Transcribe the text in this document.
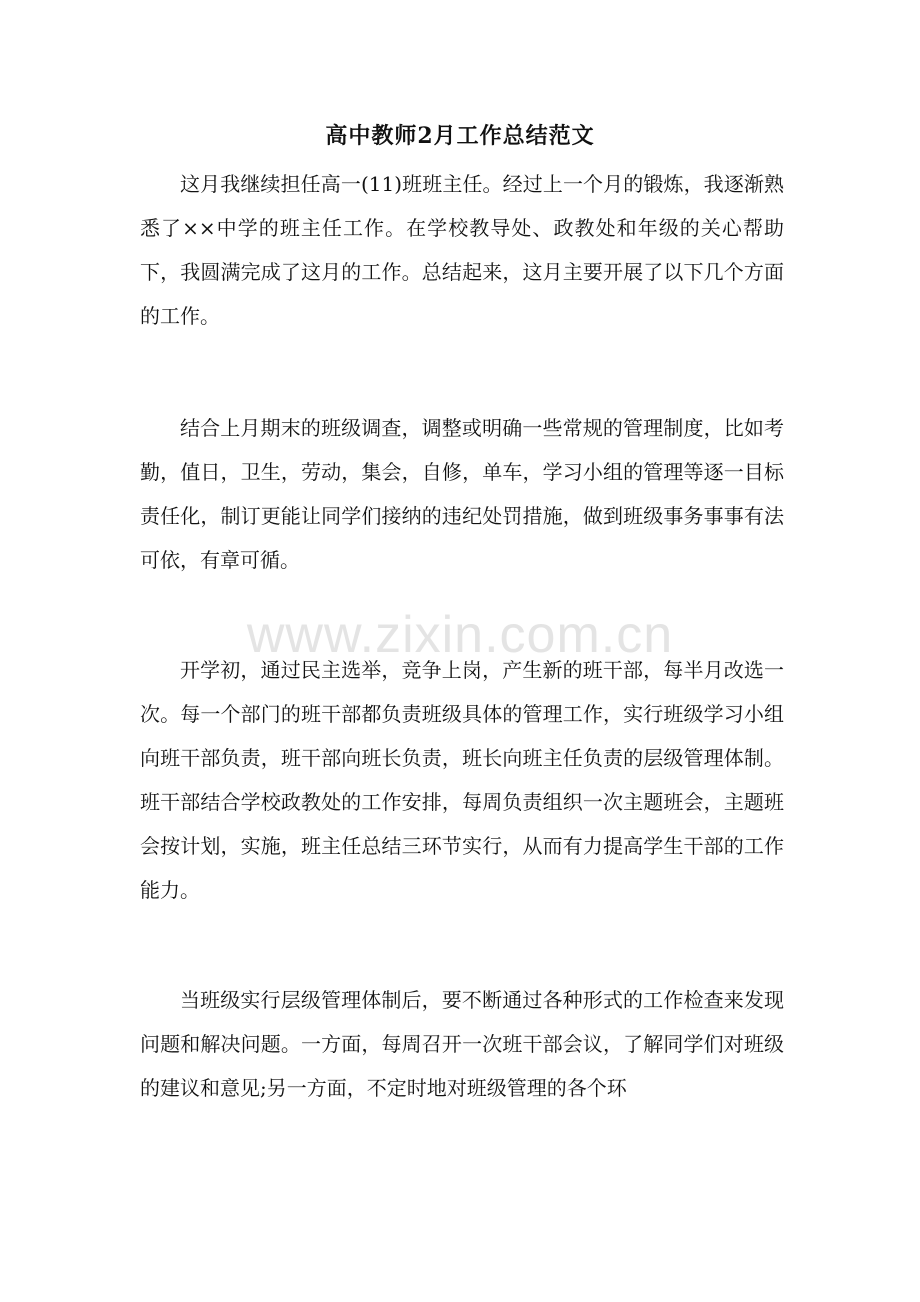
高中教师2月工作总结范文

这月我继续担任高一(11)班班主任。经过上一个月的锻炼，我逐渐熟悉了××中学的班主任工作。在学校教导处、政教处和年级的关心帮助下，我圆满完成了这月的工作。总结起来，这月主要开展了以下几个方面的工作。

结合上月期末的班级调查，调整或明确一些常规的管理制度，比如考勤，值日，卫生，劳动，集会，自修，单车，学习小组的管理等逐一目标责任化，制订更能让同学们接纳的违纪处罚措施，做到班级事务事事有法可依，有章可循。

开学初，通过民主选举，竞争上岗，产生新的班干部，每半月改选一次。每一个部门的班干部都负责班级具体的管理工作，实行班级学习小组向班干部负责，班干部向班长负责，班长向班主任负责的层级管理体制。班干部结合学校政教处的工作安排，每周负责组织一次主题班会，主题班会按计划，实施，班主任总结三环节实行，从而有力提高学生干部的工作能力。

当班级实行层级管理体制后，要不断通过各种形式的工作检查来发现问题和解决问题。一方面，每周召开一次班干部会议，了解同学们对班级的建议和意见;另一方面，不定时地对班级管理的各个环

www.zixin.com.cn
